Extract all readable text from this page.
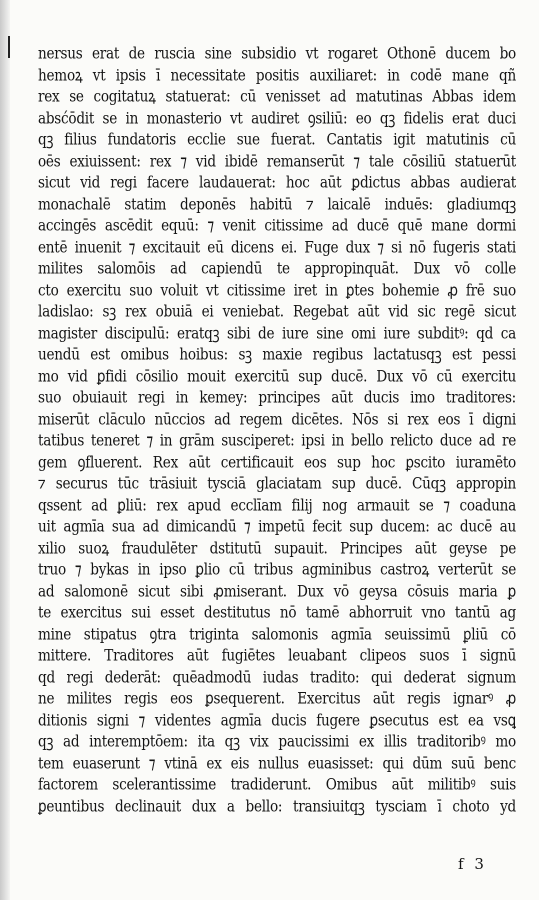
nersus erat de ruscia sine subsidio vt rogaret Othonē ducem bo
hemoꝝ vt ipsis ī necessitate positis auxiliaret: in codē mane qñ
rex se cogitatuꝝ statuerat: cū venisset ad matutinas Abbas idem
absćōdit se in monasterio vt audiret ꝯsiliū: eo qꝫ fidelis erat duci
qꝫ filius fundatoris ecclie sue fuerat. Cantatis igit matutinis cū
oēs exiuissent: rex ⁊ vid ibidē remanserūt ⁊ tale cōsiliū statuerūt
sicut vid regi facere laudauerat: hoc aūt ꝑdictus abbas audierat
monachalē statim deponēs habitū ⁊ laicalē induēs: gladiumqꝫ
accingēs ascēdit equū: ⁊ venit citissime ad ducē quē mane dormi
entē inuenit ⁊ excitauit eū dicens ei. Fuge dux ⁊ si nō fugeris stati
milites salomōis ad capiendū te appropinquāt. Dux vō colle
cto exercitu suo voluit vt citissime iret in ꝑtes bohemie ꝓ frē suo
ladislao: sꝫ rex obuiā ei veniebat. Regebat aūt vid sic regē sicut
magister discipulū: eratqꝫ sibi de iure sine omi iure subditꝰ: qd ca
uendū est omibus hoibus: sꝫ maxie regibus lactatusqꝫ est pessi
mo vid ꝑfidi cōsilio mouit exercitū sup ducē. Dux vō cū exercitu
suo obuiauit regi in kemey: principes aūt ducis imo traditores:
miserūt clāculo nūccios ad regem dicētes. Nōs si rex eos ī digni
tatibus teneret ⁊ in grām susciperet: ipsi in bello relicto duce ad re
gem ꝯfluerent. Rex aūt certificauit eos sup hoc ꝑscito iuramēto
⁊ securus tūc trāsiuit tysciā glaciatam sup ducē. Cūqꝫ appropin
qssent ad ꝑliū: rex apud ecclīam filij nog armauit se ⁊ coaduna
uit agmīa sua ad dimicandū ⁊ impetū fecit sup ducem: ac ducē au
xilio suoꝝ fraudulēter dstitutū supauit. Principes aūt geyse pe
truo ⁊ bykas in ipso ꝑlio cū tribus agminibus castroꝝ verterūt se
ad salomonē sicut sibi ꝓmiserant. Dux vō geysa cōsuis maria ꝑ
te exercitus sui esset destitutus nō tamē abhorruit vno tantū ag
mine stipatus ꝯtra triginta salomonis agmīa seuissimū ꝑliū cō
mittere. Traditores aūt fugiētes leuabant clipeos suos ī signū
qd regi dederāt: quēadmodū iudas tradito: qui dederat signum
ne milites regis eos ꝑsequerent. Exercitus aūt regis ignarꝰ ꝓ
ditionis signi ⁊ videntes agmīa ducis fugere ꝑsecutus est ea vsꝗ
qꝫ ad interemptōem: ita qꝫ vix paucissimi ex illis traditoribꝰ mo
tem euaserunt ⁊ vtinā ex eis nullus euasisset: qui dūm suū benc
factorem scelerantissime tradiderunt. Omibus aūt militibꝰ suis
ꝑeuntibus declinauit dux a bello: transiuitqꝫ tysciam ī choto yd
f 3
